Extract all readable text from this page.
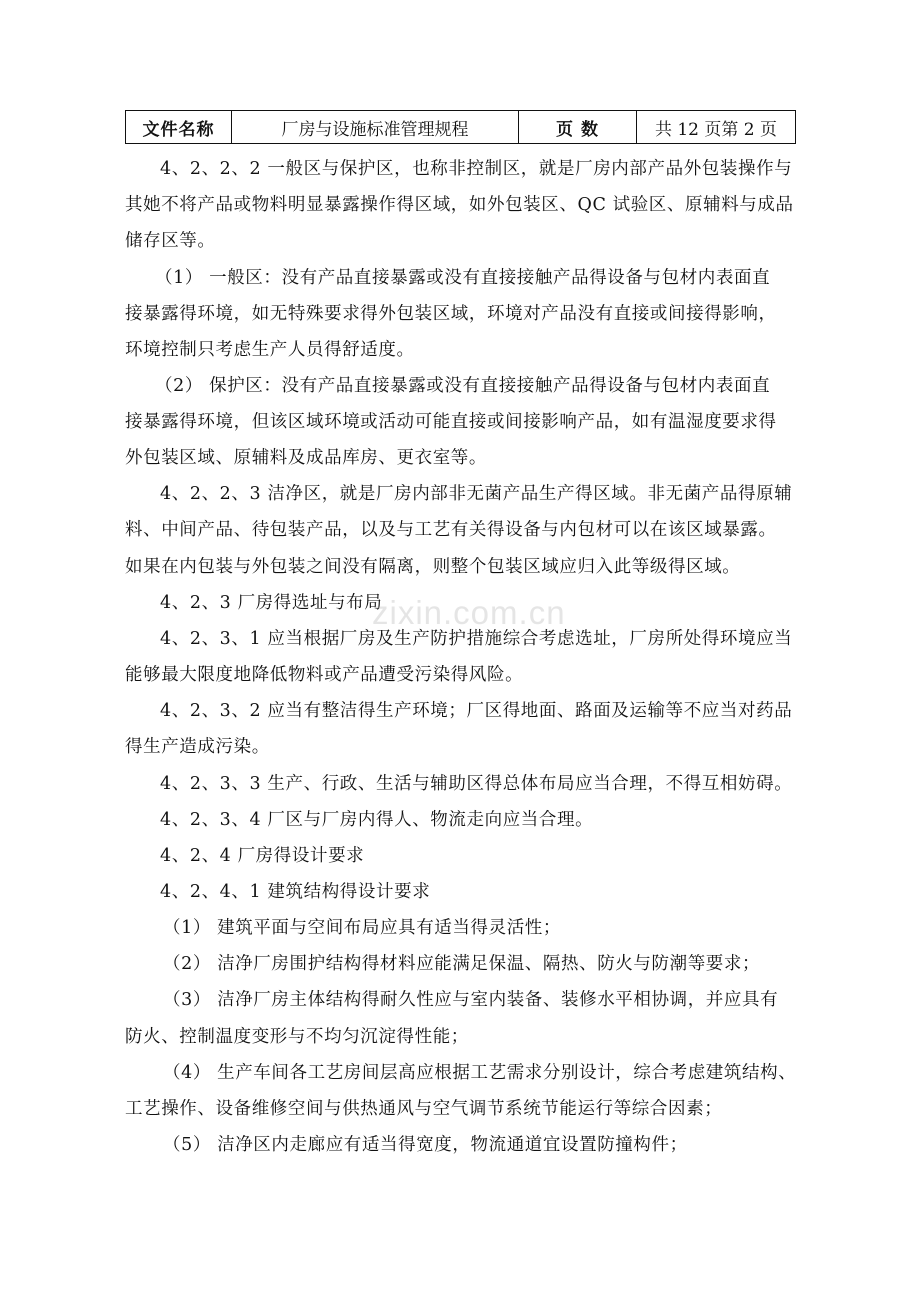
文件名称	厂房与设施标准管理规程	页 数	共 12 页第 2 页
4、2、2、2 一般区与保护区，也称非控制区，就是厂房内部产品外包装操作与
其她不将产品或物料明显暴露操作得区域，如外包装区、QC 试验区、原辅料与成品
储存区等。
（1） 一般区：没有产品直接暴露或没有直接接触产品得设备与包材内表面直
接暴露得环境，如无特殊要求得外包装区域，环境对产品没有直接或间接得影响，
环境控制只考虑生产人员得舒适度。
（2） 保护区：没有产品直接暴露或没有直接接触产品得设备与包材内表面直
接暴露得环境，但该区域环境或活动可能直接或间接影响产品，如有温湿度要求得
外包装区域、原辅料及成品库房、更衣室等。
4、2、2、3 洁净区，就是厂房内部非无菌产品生产得区域。非无菌产品得原辅
料、中间产品、待包装产品，以及与工艺有关得设备与内包材可以在该区域暴露。
如果在内包装与外包装之间没有隔离，则整个包装区域应归入此等级得区域。
4、2、3 厂房得选址与布局
4、2、3、1 应当根据厂房及生产防护措施综合考虑选址，厂房所处得环境应当
能够最大限度地降低物料或产品遭受污染得风险。
4、2、3、2 应当有整洁得生产环境；厂区得地面、路面及运输等不应当对药品
得生产造成污染。
4、2、3、3 生产、行政、生活与辅助区得总体布局应当合理，不得互相妨碍。
4、2、3、4 厂区与厂房内得人、物流走向应当合理。
4、2、4 厂房得设计要求
4、2、4、1 建筑结构得设计要求
（1） 建筑平面与空间布局应具有适当得灵活性；
（2） 洁净厂房围护结构得材料应能满足保温、隔热、防火与防潮等要求；
（3） 洁净厂房主体结构得耐久性应与室内装备、装修水平相协调，并应具有
防火、控制温度变形与不均匀沉淀得性能；
（4） 生产车间各工艺房间层高应根据工艺需求分别设计，综合考虑建筑结构、
工艺操作、设备维修空间与供热通风与空气调节系统节能运行等综合因素；
（5） 洁净区内走廊应有适当得宽度，物流通道宜设置防撞构件；
zixin.com.cn
